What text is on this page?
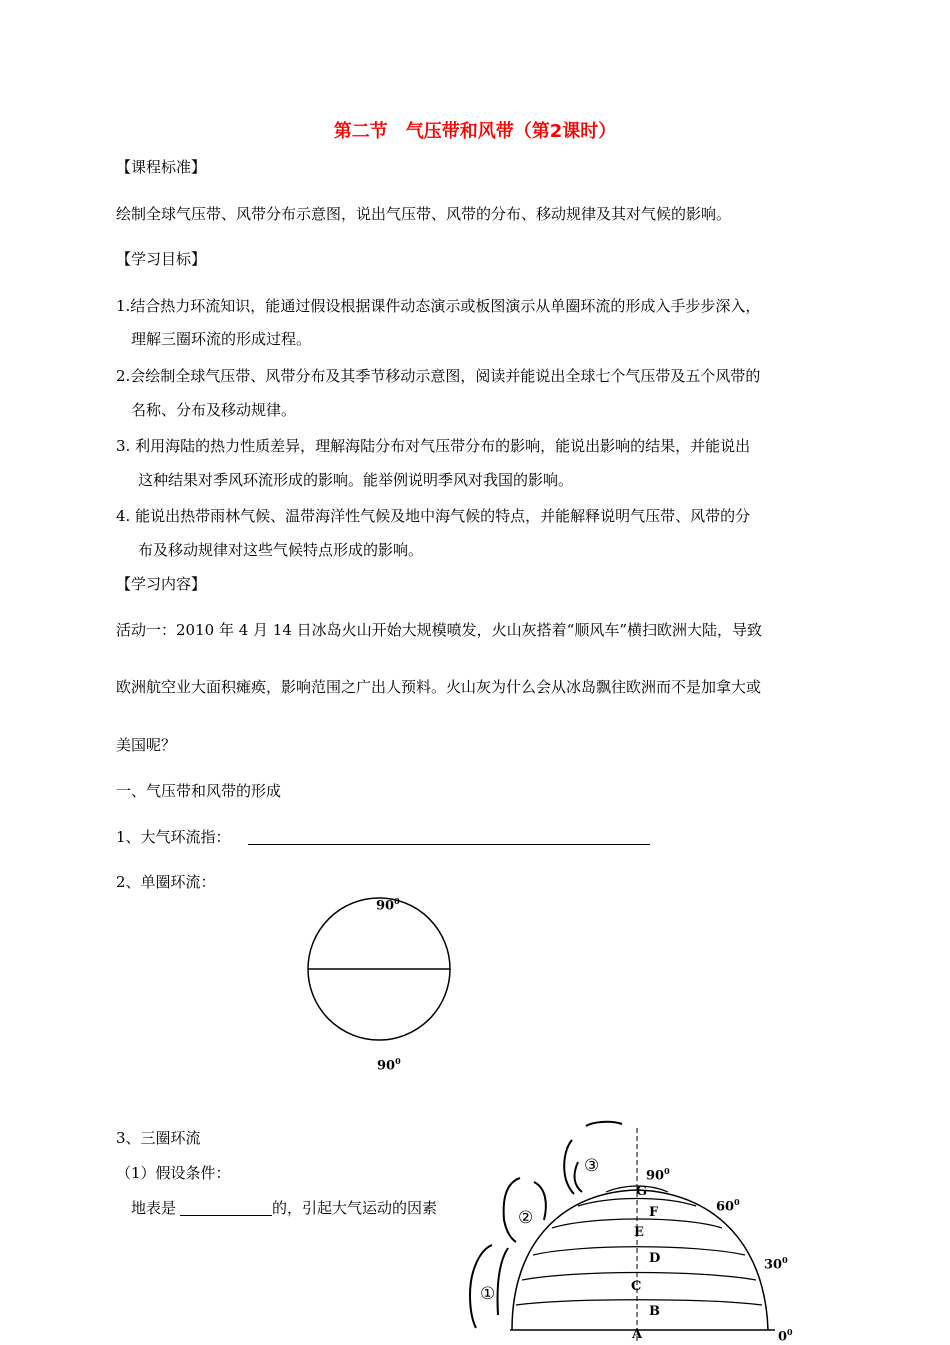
第二节　气压带和风带（第2课时）
【课程标准】
绘制全球气压带、风带分布示意图，说出气压带、风带的分布、移动规律及其对气候的影响。
【学习目标】
1.结合热力环流知识，能通过假设根据课件动态演示或板图演示从单圈环流的形成入手步步深入，
理解三圈环流的形成过程。
2.会绘制全球气压带、风带分布及其季节移动示意图，阅读并能说出全球七个气压带及五个风带的
名称、分布及移动规律。
3. 利用海陆的热力性质差异，理解海陆分布对气压带分布的影响，能说出影响的结果，并能说出
这种结果对季风环流形成的影响。能举例说明季风对我国的影响。
4. 能说出热带雨林气候、温带海洋性气候及地中海气候的特点，并能解释说明气压带、风带的分
布及移动规律对这些气候特点形成的影响。
【学习内容】
活动一：2010 年 4 月 14 日冰岛火山开始大规模喷发，火山灰搭着“顺风车”横扫欧洲大陆，导致
欧洲航空业大面积瘫痪，影响范围之广出人预料。火山灰为什么会从冰岛飘往欧洲而不是加拿大或
美国呢？
一、气压带和风带的形成
1、大气环流指：
2、单圈环流：
$90^0$
$90^0$
3、三圈环流
（1）假设条件：
地表是	的，引起大气运动的因素
$90^0$
$60^0$
$30^0$
$0^0$
G
F
E
D
C
B
A
①
②
③
